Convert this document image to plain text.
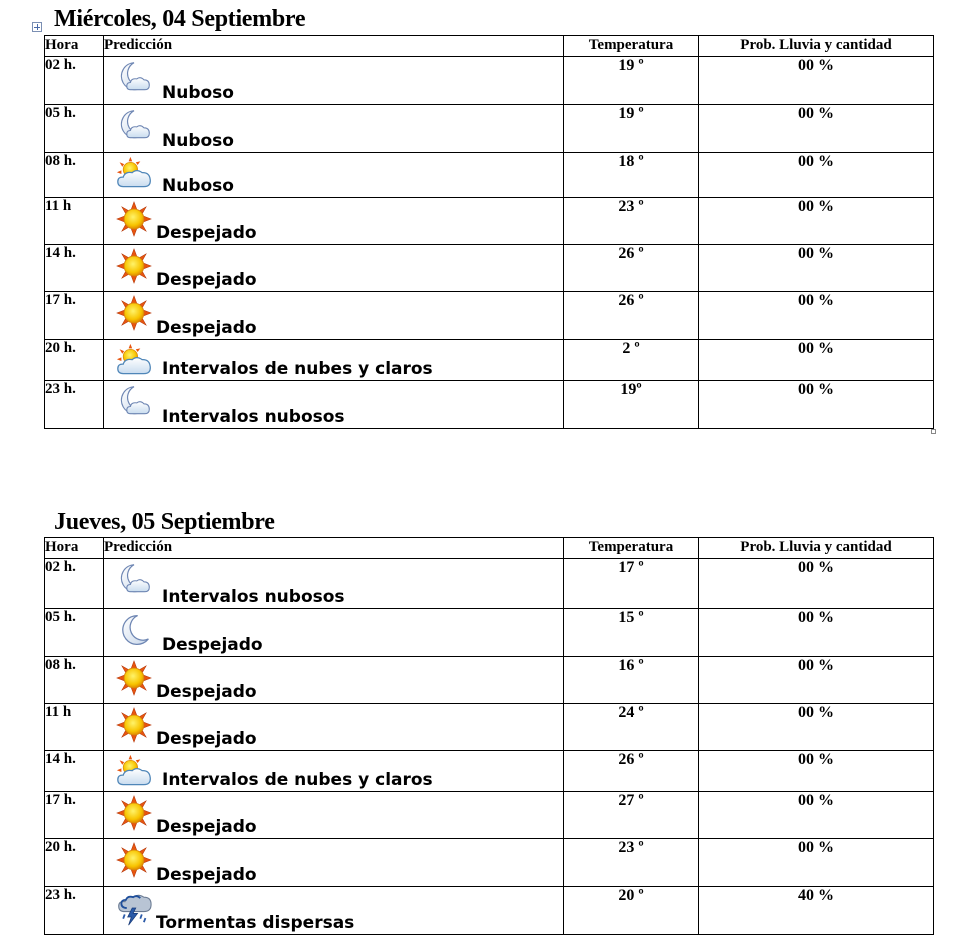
Miércoles, 04 Septiembre
Hora	Predicción	Temperatura	Prob. Lluvia y cantidad
02 h.	Nuboso	19 º	00 %
05 h.	Nuboso	19 º	00 %
08 h.	Nuboso	18 º	00 %
11 h	Despejado	23 º	00 %
14 h.	Despejado	26 º	00 %
17 h.	Despejado	26 º	00 %
20 h.	Intervalos de nubes y claros	2 º	00 %
23 h.	Intervalos nubosos	19º	00 %
Jueves, 05 Septiembre
Hora	Predicción	Temperatura	Prob. Lluvia y cantidad
02 h.	Intervalos nubosos	17 º	00 %
05 h.	Despejado	15 º	00 %
08 h.	Despejado	16 º	00 %
11 h	Despejado	24 º	00 %
14 h.	Intervalos de nubes y claros	26 º	00 %
17 h.	Despejado	27 º	00 %
20 h.	Despejado	23 º	00 %
23 h.	Tormentas dispersas	20 º	40 %
